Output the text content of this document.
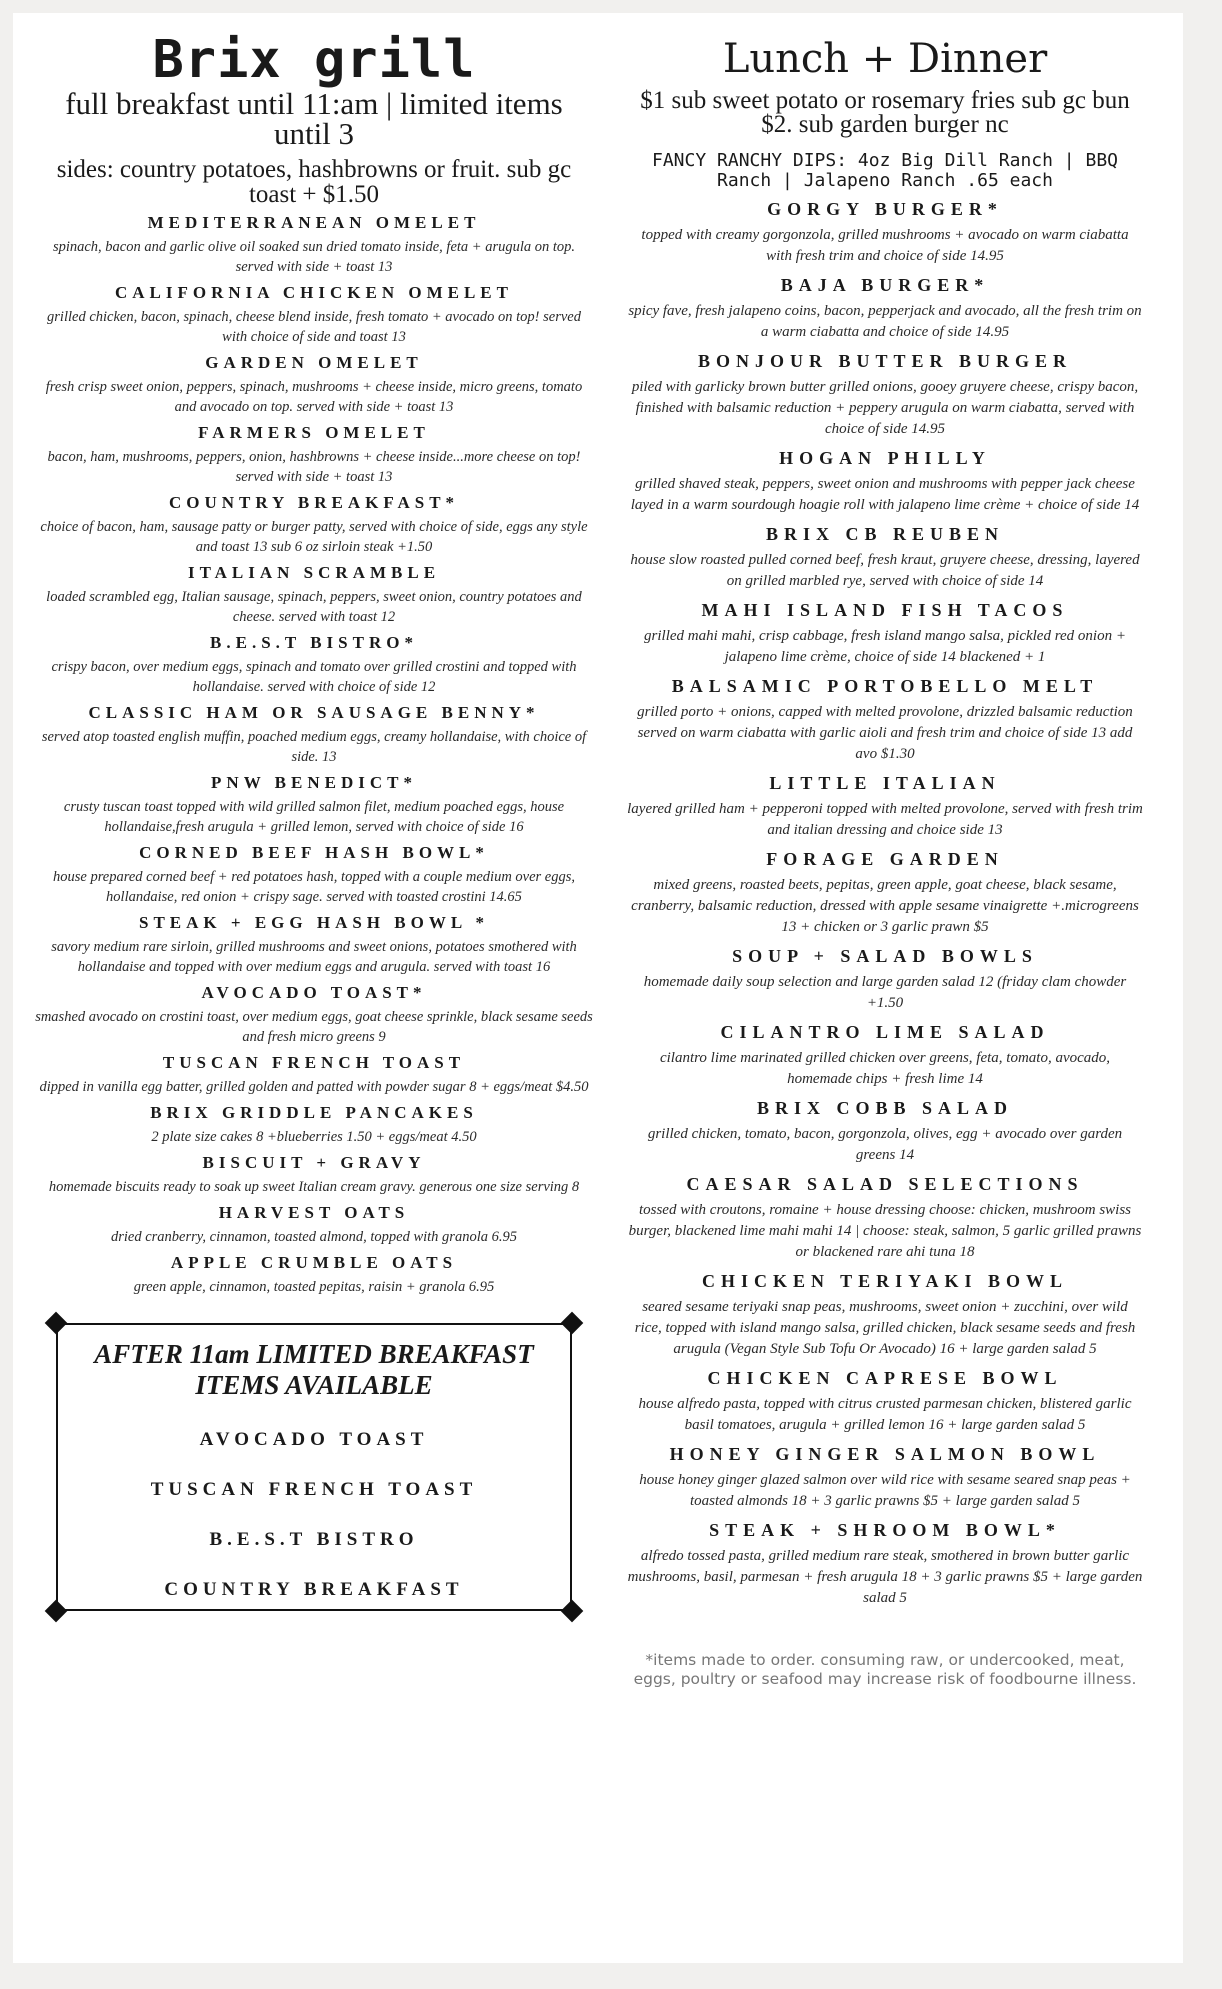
Brix grill
full breakfast until 11:am | limited items until 3
sides: country potatoes, hashbrowns or fruit. sub gc toast + $1.50
MEDITERRANEAN OMELET
spinach, bacon and garlic olive oil soaked sun dried tomato inside, feta + arugula on top. served with side + toast 13
CALIFORNIA CHICKEN OMELET
grilled chicken, bacon, spinach, cheese blend inside, fresh tomato + avocado on top! served with choice of side and toast 13
GARDEN OMELET
fresh crisp sweet onion, peppers, spinach, mushrooms + cheese inside, micro greens, tomato and avocado on top. served with side + toast 13
FARMERS OMELET
bacon, ham, mushrooms, peppers, onion, hashbrowns + cheese inside...more cheese on top! served with side + toast 13
COUNTRY BREAKFAST*
choice of bacon, ham, sausage patty or burger patty, served with choice of side, eggs any style and toast 13 sub 6 oz sirloin steak +1.50
ITALIAN SCRAMBLE
loaded scrambled egg, Italian sausage, spinach, peppers, sweet onion, country potatoes and cheese. served with toast 12
B.E.S.T BISTRO*
crispy bacon, over medium eggs, spinach and tomato over grilled crostini and topped with hollandaise. served with choice of side 12
CLASSIC HAM OR SAUSAGE BENNY*
served atop toasted english muffin, poached medium eggs, creamy hollandaise, with choice of side. 13
PNW BENEDICT*
crusty tuscan toast topped with wild grilled salmon filet, medium poached eggs, house hollandaise,fresh arugula + grilled lemon, served with choice of side 16
CORNED BEEF HASH BOWL*
house prepared corned beef + red potatoes hash, topped with a couple medium over eggs, hollandaise, red onion + crispy sage. served with toasted crostini 14.65
STEAK + EGG HASH BOWL *
savory medium rare sirloin, grilled mushrooms and sweet onions, potatoes smothered with hollandaise and topped with over medium eggs and arugula. served with toast 16
AVOCADO TOAST*
smashed avocado on crostini toast, over medium eggs, goat cheese sprinkle, black sesame seeds and fresh micro greens 9
TUSCAN FRENCH TOAST
dipped in vanilla egg batter, grilled golden and patted with powder sugar 8 + eggs/meat $4.50
BRIX GRIDDLE PANCAKES
2 plate size cakes 8 +blueberries 1.50 + eggs/meat 4.50
BISCUIT + GRAVY
homemade biscuits ready to soak up sweet Italian cream gravy. generous one size serving 8
HARVEST OATS
dried cranberry, cinnamon, toasted almond, topped with granola 6.95
APPLE CRUMBLE OATS
green apple, cinnamon, toasted pepitas, raisin + granola 6.95
AFTER 11am LIMITED BREAKFAST ITEMS AVAILABLE
AVOCADO TOAST
TUSCAN FRENCH TOAST
B.E.S.T BISTRO
COUNTRY BREAKFAST
Lunch + Dinner
$1 sub sweet potato or rosemary fries sub gc bun $2. sub garden burger nc
FANCY RANCHY DIPS: 4oz Big Dill Ranch | BBQ Ranch | Jalapeno Ranch .65 each
GORGY BURGER*
topped with creamy gorgonzola, grilled mushrooms + avocado on warm ciabatta with fresh trim and choice of side 14.95
BAJA BURGER*
spicy fave, fresh jalapeno coins, bacon, pepperjack and avocado, all the fresh trim on a warm ciabatta and choice of side 14.95
BONJOUR BUTTER BURGER
piled with garlicky brown butter grilled onions, gooey gruyere cheese, crispy bacon, finished with balsamic reduction + peppery arugula on warm ciabatta, served with choice of side 14.95
HOGAN PHILLY
grilled shaved steak, peppers, sweet onion and mushrooms with pepper jack cheese layed in a warm sourdough hoagie roll with jalapeno lime crème + choice of side 14
BRIX CB REUBEN
house slow roasted pulled corned beef, fresh kraut, gruyere cheese, dressing, layered on grilled marbled rye, served with choice of side 14
MAHI ISLAND FISH TACOS
grilled mahi mahi, crisp cabbage, fresh island mango salsa, pickled red onion + jalapeno lime crème, choice of side 14 blackened + 1
BALSAMIC PORTOBELLO MELT
grilled porto + onions, capped with melted provolone, drizzled balsamic reduction served on warm ciabatta with garlic aioli and fresh trim and choice of side 13 add avo $1.30
LITTLE ITALIAN
layered grilled ham + pepperoni topped with melted provolone, served with fresh trim and italian dressing and choice side 13
FORAGE GARDEN
mixed greens, roasted beets, pepitas, green apple, goat cheese, black sesame, cranberry, balsamic reduction, dressed with apple sesame vinaigrette +.microgreens 13 + chicken or 3 garlic prawn $5
SOUP + SALAD BOWLS
homemade daily soup selection and large garden salad 12 (friday clam chowder +1.50
CILANTRO LIME SALAD
cilantro lime marinated grilled chicken over greens, feta, tomato, avocado, homemade chips + fresh lime 14
BRIX COBB SALAD
grilled chicken, tomato, bacon, gorgonzola, olives, egg + avocado over garden greens 14
CAESAR SALAD SELECTIONS
tossed with croutons, romaine + house dressing choose: chicken, mushroom swiss burger, blackened lime mahi mahi 14 | choose: steak, salmon, 5 garlic grilled prawns or blackened rare ahi tuna 18
CHICKEN TERIYAKI BOWL
seared sesame teriyaki snap peas, mushrooms, sweet onion + zucchini, over wild rice, topped with island mango salsa, grilled chicken, black sesame seeds and fresh arugula (Vegan Style Sub Tofu Or Avocado) 16 + large garden salad 5
CHICKEN CAPRESE BOWL
house alfredo pasta, topped with citrus crusted parmesan chicken, blistered garlic basil tomatoes, arugula + grilled lemon 16 + large garden salad 5
HONEY GINGER SALMON BOWL
house honey ginger glazed salmon over wild rice with sesame seared snap peas + toasted almonds 18 + 3 garlic prawns $5 + large garden salad 5
STEAK + SHROOM BOWL*
alfredo tossed pasta, grilled medium rare steak, smothered in brown butter garlic mushrooms, basil, parmesan + fresh arugula 18 + 3 garlic prawns $5 + large garden salad 5
*items made to order. consuming raw, or undercooked, meat, eggs, poultry or seafood may increase risk of foodbourne illness.
